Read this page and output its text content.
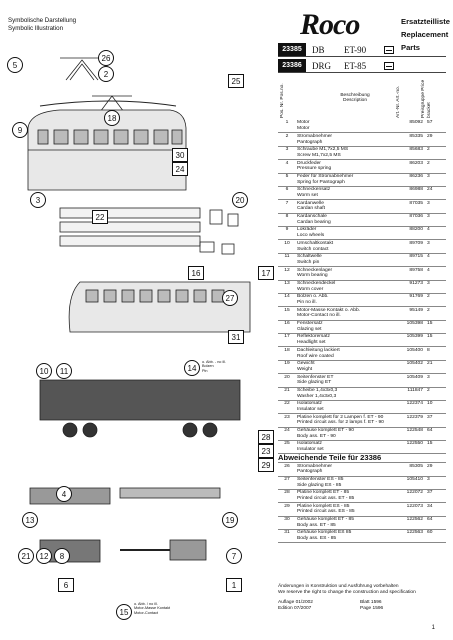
Symbolische Darstellung
Symbolic Illustration	Roco	Ersatzteilliste
Replacement Parts
23385	DB	ET-90
23386	DRG	ET-85
Pos. Nr. Pos.no.	Beschreibung
Description	Art.-Nr. Art.-no.	Preisgruppe Price bracket
1	Motor
Motor	85092	57
2	Stromabnehmer
Pantograph	85335	29
3	Schraube M1,7x2,5 MS
Screw M1,7x2,5 MS	85683	2
4	Druckfeder
Pressure spring	86203	2
5	Feder für Stromabnehmer
Spring for Pantograph	86236	3
6	Schneckensatz
Worm set	86988	24
7	Kardanwelle
Cardan shaft	87035	3
8	Kardanschale
Cardan bearing	87036	3
9	Lokräder
Loco wheels	88200	4
10	Umschaltkontakt
Switch contact	89709	3
11	Schaltwelle
Switch pin	89715	4
12	Schneckenlager
Worm bearing	89758	4
13	Schneckendeckel
Worm cover	91273	3
14	Bolzen o. Abb.
Pin no ill.	91769	2
15	Motor-Masse Kontakt o. Abb.
Motor-Contact no ill.	95149	2
16	Fenstersatz
Glazing set	105398	15
17	Reflektorersatz
Headlight set	105399	15
18	Dachleitung lackiert
Roof wire coated	105400	8
19	Gewicht
Weight	105402	21
20	Seitenfenster ET
Side glazing ET	105409	3
21	Scheibe 1,4x3x0,3
Washer 1,4x3x0,3	111847	2
22	Isolatorsatz
Insulator set	122374	10
23	Platine komplett für 2 Lampen f. ET - 90
Printed circuit ass. for 2 lamps f. ET - 90	122379	37
24	Gehäuse komplett ET - 90
Body ass. ET - 90	122548	64
25	Isolatorsatz
Insulator set	122550	15
Abweichende Teile für 23386			
26	Stromabnehmer
Pantograph	85305	29
27	Seitenfenster ES - 85
Side glazing ES - 85	105410	3
28	Platine komplett ET - 85
Printed circuit ass. ET - 85	122072	37
29	Platine komplett ES - 85
Printed circuit ass. ES - 85	122073	34
30	Gehäuse komplett ET - 85
Body ass. ET - 85	122562	64
31	Gehäuse komplett ES 85
Body ass. ES - 85	122563	60
Änderungen in Konstruktion und Ausführung vorbehalten
We reserve the right to change the construction and specification
Auflage 01/2002	Blatt 1596
Edition 07/2007	Page 1596
1
5
26
2
25
18
9
30
24
3	20
22
16	17
27
31
10	11	14
o. Abb. - no ill.
Bolzen
Pin
4
28
23
29
13	19
21	12	8	7
6	1
15
o. Abb. / no ill.
Motor-Masse Kontakt
Motor-Contact
